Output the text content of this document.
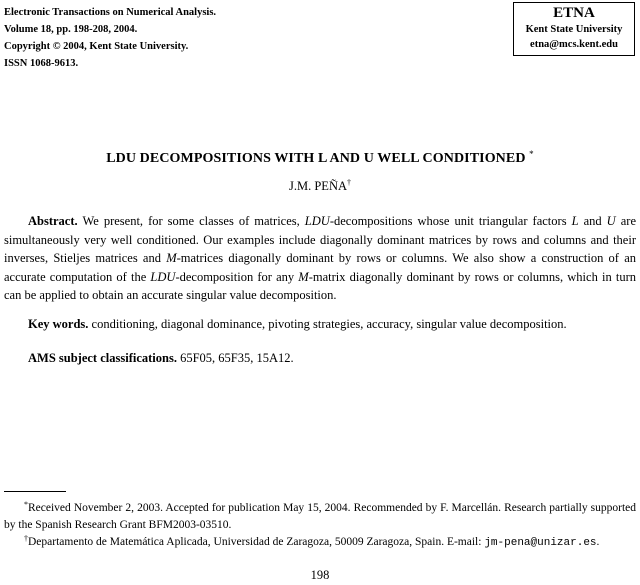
Electronic Transactions on Numerical Analysis.
Volume 18, pp. 198-208, 2004.
Copyright © 2004, Kent State University.
ISSN 1068-9613.
ETNA
Kent State University
etna@mcs.kent.edu
LDU DECOMPOSITIONS WITH L AND U WELL CONDITIONED *
J.M. PEÑA†

Abstract. We present, for some classes of matrices, LDU-decompositions whose unit triangular factors L and U are simultaneously very well conditioned. Our examples include diagonally dominant matrices by rows and columns and their inverses, Stieljes matrices and M-matrices diagonally dominant by rows or columns. We also show a construction of an accurate computation of the LDU-decomposition for any M-matrix diagonally dominant by rows or columns, which in turn can be applied to obtain an accurate singular value decomposition.

Key words. conditioning, diagonal dominance, pivoting strategies, accuracy, singular value decomposition.

AMS subject classifications. 65F05, 65F35, 15A12.

*Received November 2, 2003. Accepted for publication May 15, 2004. Recommended by F. Marcellán. Research partially supported by the Spanish Research Grant BFM2003-03510.

†Departamento de Matemática Aplicada, Universidad de Zaragoza, 50009 Zaragoza, Spain. E-mail: jm-pena@unizar.es.

198
